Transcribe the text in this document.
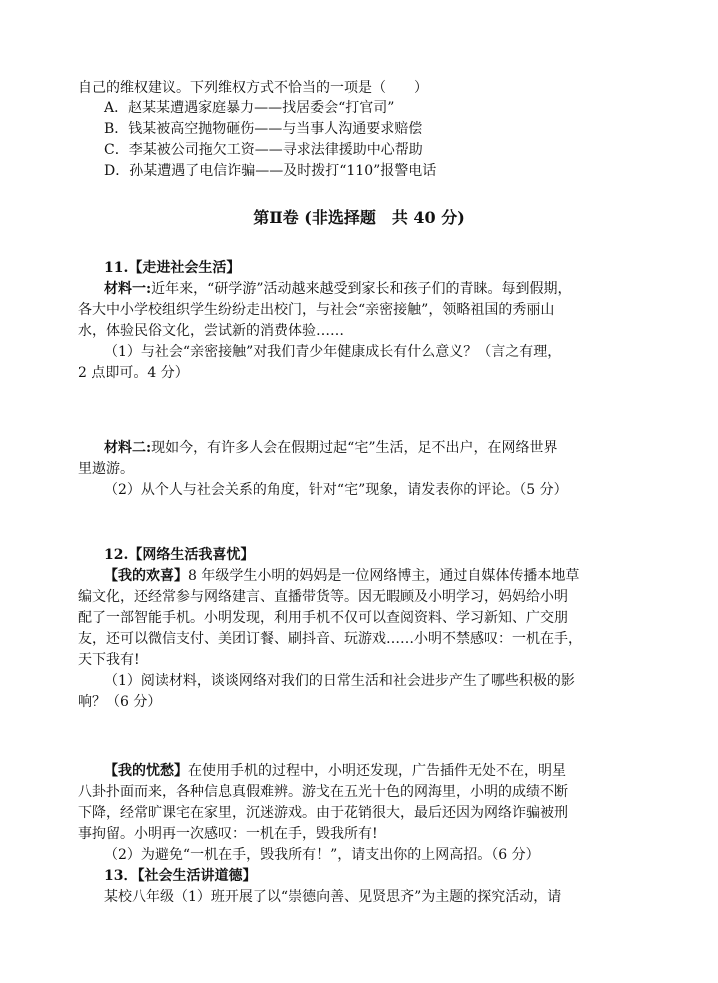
自己的维权建议。下列维权方式不恰当的一项是（　　）
A．赵某某遭遇家庭暴力——找居委会“打官司”
B．钱某被高空抛物砸伤——与当事人沟通要求赔偿
C．李某被公司拖欠工资——寻求法律援助中心帮助
D．孙某遭遇了电信诈骗——及时拨打“110”报警电话
第Ⅱ卷 (非选择题　共 40 分)
11.【走进社会生活】
材料一:近年来，“研学游”活动越来越受到家长和孩子们的青睐。每到假期，
各大中小学校组织学生纷纷走出校门，与社会“亲密接触”，领略祖国的秀丽山
水，体验民俗文化，尝试新的消费体验……
（1）与社会“亲密接触”对我们青少年健康成长有什么意义？（言之有理，
2 点即可。4 分）
材料二:现如今，有许多人会在假期过起“宅”生活，足不出户，在网络世界
里遨游。
（2）从个人与社会关系的角度，针对“宅”现象，请发表你的评论。（5 分）
12.【网络生活我喜忧】
【我的欢喜】8 年级学生小明的妈妈是一位网络博主，通过自媒体传播本地草
编文化，还经常参与网络建言、直播带货等。因无暇顾及小明学习，妈妈给小明
配了一部智能手机。小明发现，利用手机不仅可以查阅资料、学习新知、广交朋
友，还可以微信支付、美团订餐、刷抖音、玩游戏……小明不禁感叹：一机在手，
天下我有!
（1）阅读材料，谈谈网络对我们的日常生活和社会进步产生了哪些积极的影
响？（6 分）
【我的忧愁】在使用手机的过程中，小明还发现，广告插件无处不在，明星
八卦扑面而来，各种信息真假难辨。游戈在五光十色的网海里，小明的成绩不断
下降，经常旷课宅在家里，沉迷游戏。由于花销很大，最后还因为网络诈骗被刑
事拘留。小明再一次感叹：一机在手，毁我所有!
（2）为避免“一机在手，毁我所有！”，请支出你的上网高招。（6 分）
13．【社会生活讲道德】
某校八年级（1）班开展了以“崇德向善、见贤思齐”为主题的探究活动，请
